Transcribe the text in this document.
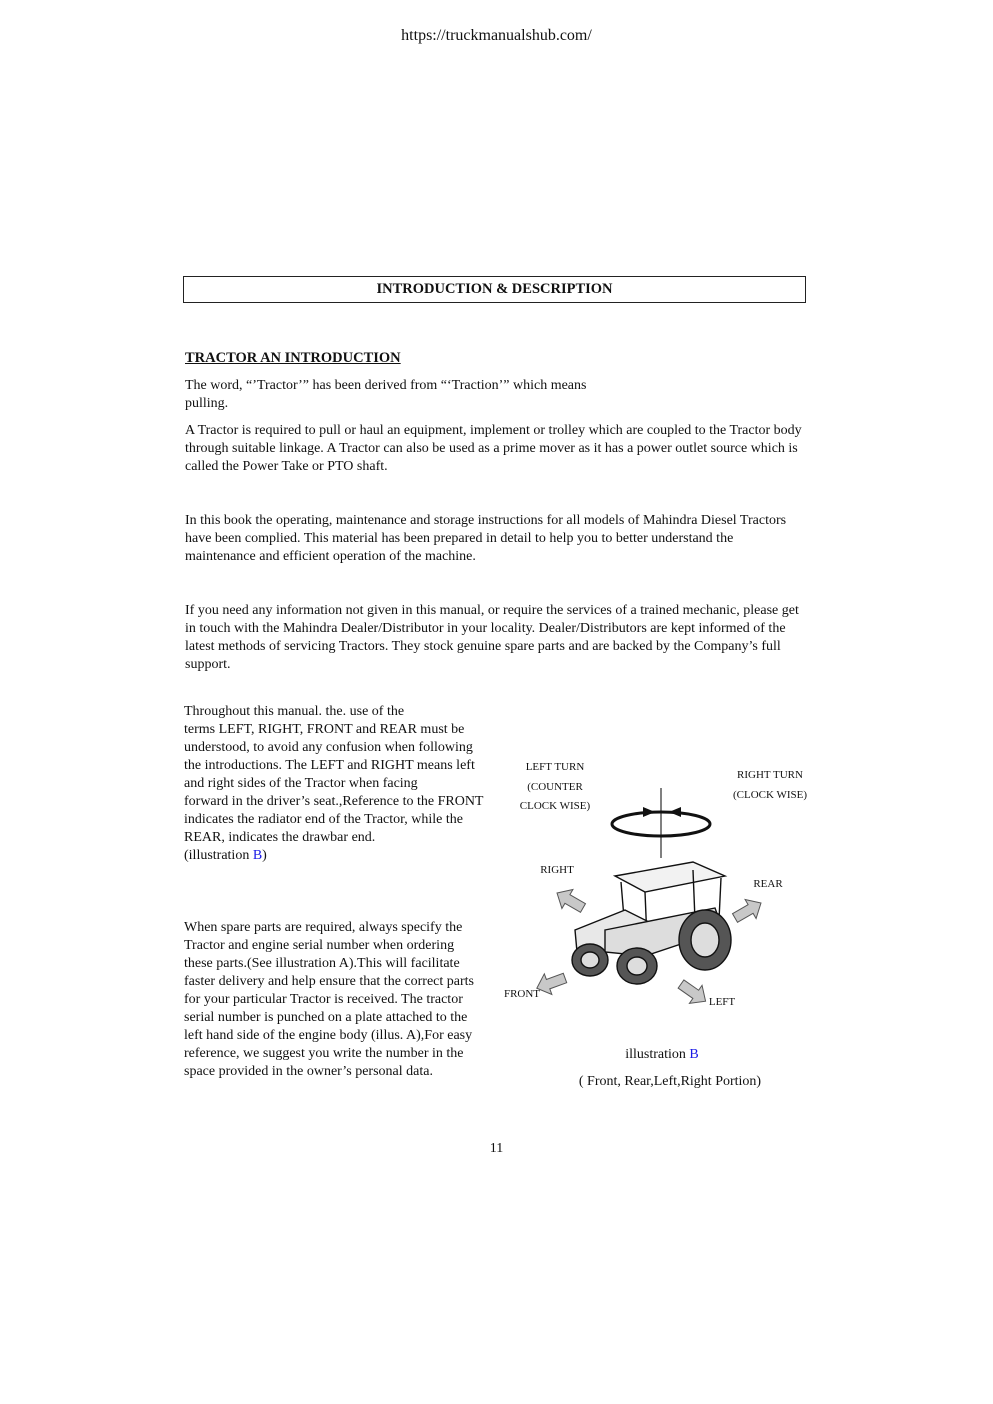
https://truckmanualshub.com/
INTRODUCTION & DESCRIPTION
TRACTOR AN INTRODUCTION
The word, “’Tractor’” has been derived from “‘Traction’” which means pulling.
A Tractor is required to pull or haul an equipment, implement or trolley which are coupled to the Tractor body through suitable linkage. A Tractor can also be used as a prime mover as it has a power outlet source which is called the Power Take or PTO shaft.
In this book the operating, maintenance and storage instructions for all models of Mahindra Diesel Tractors have been complied. This material has been prepared in detail to help you to better understand the maintenance and efficient operation of the machine.
If you need any information not given in this manual, or require the services of a trained mechanic, please get in touch with the Mahindra Dealer/Distributor in your locality. Dealer/Distributors are kept informed of the latest methods of servicing Tractors. They stock genuine spare parts and are backed by the Company’s full support.
Throughout this manual. the. use of the
terms LEFT, RIGHT, FRONT and REAR must be understood, to avoid any confusion when following the introductions. The LEFT and RIGHT means left and right sides of the Tractor when facing
forward in the driver’s seat.,Reference to the FRONT indicates the radiator end of the Tractor, while the REAR, indicates the drawbar end.
(illustration B)
When spare parts are required, always specify the Tractor and engine serial number when ordering these parts.(See illustration A).This will facilitate faster delivery and help ensure that the correct parts for your particular Tractor is received. The tractor serial number is punched on a plate attached to the left hand side of the engine body (illus. A),For easy reference, we suggest you write the number in the space provided in the owner’s personal data.
LEFT TURN
(COUNTER
CLOCK WISE)
RIGHT TURN
(CLOCK WISE)
RIGHT
REAR
FRONT
LEFT
illustration B
( Front, Rear,Left,Right Portion)
11
